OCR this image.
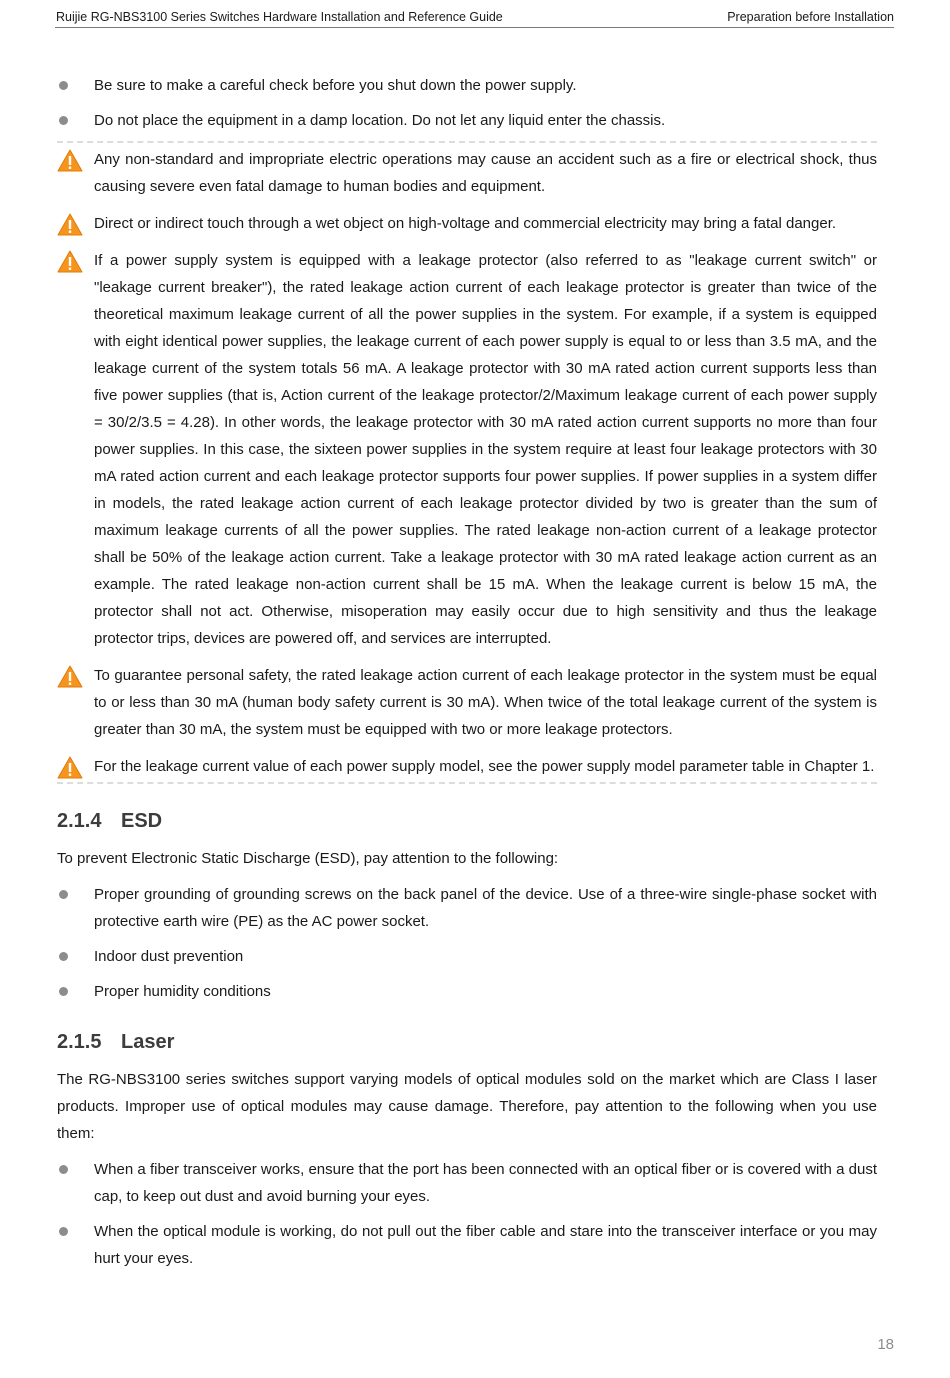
Ruijie RG-NBS3100 Series Switches Hardware Installation and Reference Guide	Preparation before Installation

Be sure to make a careful check before you shut down the power supply.

Do not place the equipment in a damp location. Do not let any liquid enter the chassis.

Any non-standard and impropriate electric operations may cause an accident such as a fire or electrical shock, thus causing severe even fatal damage to human bodies and equipment.

Direct or indirect touch through a wet object on high-voltage and commercial electricity may bring a fatal danger.

If a power supply system is equipped with a leakage protector (also referred to as "leakage current switch" or "leakage current breaker"), the rated leakage action current of each leakage protector is greater than twice of the theoretical maximum leakage current of all the power supplies in the system. For example, if a system is equipped with eight identical power supplies, the leakage current of each power supply is equal to or less than 3.5 mA, and the leakage current of the system totals 56 mA. A leakage protector with 30 mA rated action current supports less than five power supplies (that is, Action current of the leakage protector/2/Maximum leakage current of each power supply = 30/2/3.5 = 4.28). In other words, the leakage protector with 30 mA rated action current supports no more than four power supplies. In this case, the sixteen power supplies in the system require at least four leakage protectors with 30 mA rated action current and each leakage protector supports four power supplies. If power supplies in a system differ in models, the rated leakage action current of each leakage protector divided by two is greater than the sum of maximum leakage currents of all the power supplies. The rated leakage non-action current of a leakage protector shall be 50% of the leakage action current. Take a leakage protector with 30 mA rated leakage action current as an example. The rated leakage non-action current shall be 15 mA. When the leakage current is below 15 mA, the protector shall not act. Otherwise, misoperation may easily occur due to high sensitivity and thus the leakage protector trips, devices are powered off, and services are interrupted.

To guarantee personal safety, the rated leakage action current of each leakage protector in the system must be equal to or less than 30 mA (human body safety current is 30 mA). When twice of the total leakage current of the system is greater than 30 mA, the system must be equipped with two or more leakage protectors.

For the leakage current value of each power supply model, see the power supply model parameter table in Chapter 1.

2.1.4 ESD

To prevent Electronic Static Discharge (ESD), pay attention to the following:

Proper grounding of grounding screws on the back panel of the device. Use of a three-wire single-phase socket with protective earth wire (PE) as the AC power socket.

Indoor dust prevention

Proper humidity conditions

2.1.5 Laser

The RG-NBS3100 series switches support varying models of optical modules sold on the market which are Class I laser products. Improper use of optical modules may cause damage. Therefore, pay attention to the following when you use them:

When a fiber transceiver works, ensure that the port has been connected with an optical fiber or is covered with a dust cap, to keep out dust and avoid burning your eyes.

When the optical module is working, do not pull out the fiber cable and stare into the transceiver interface or you may hurt your eyes.

18
